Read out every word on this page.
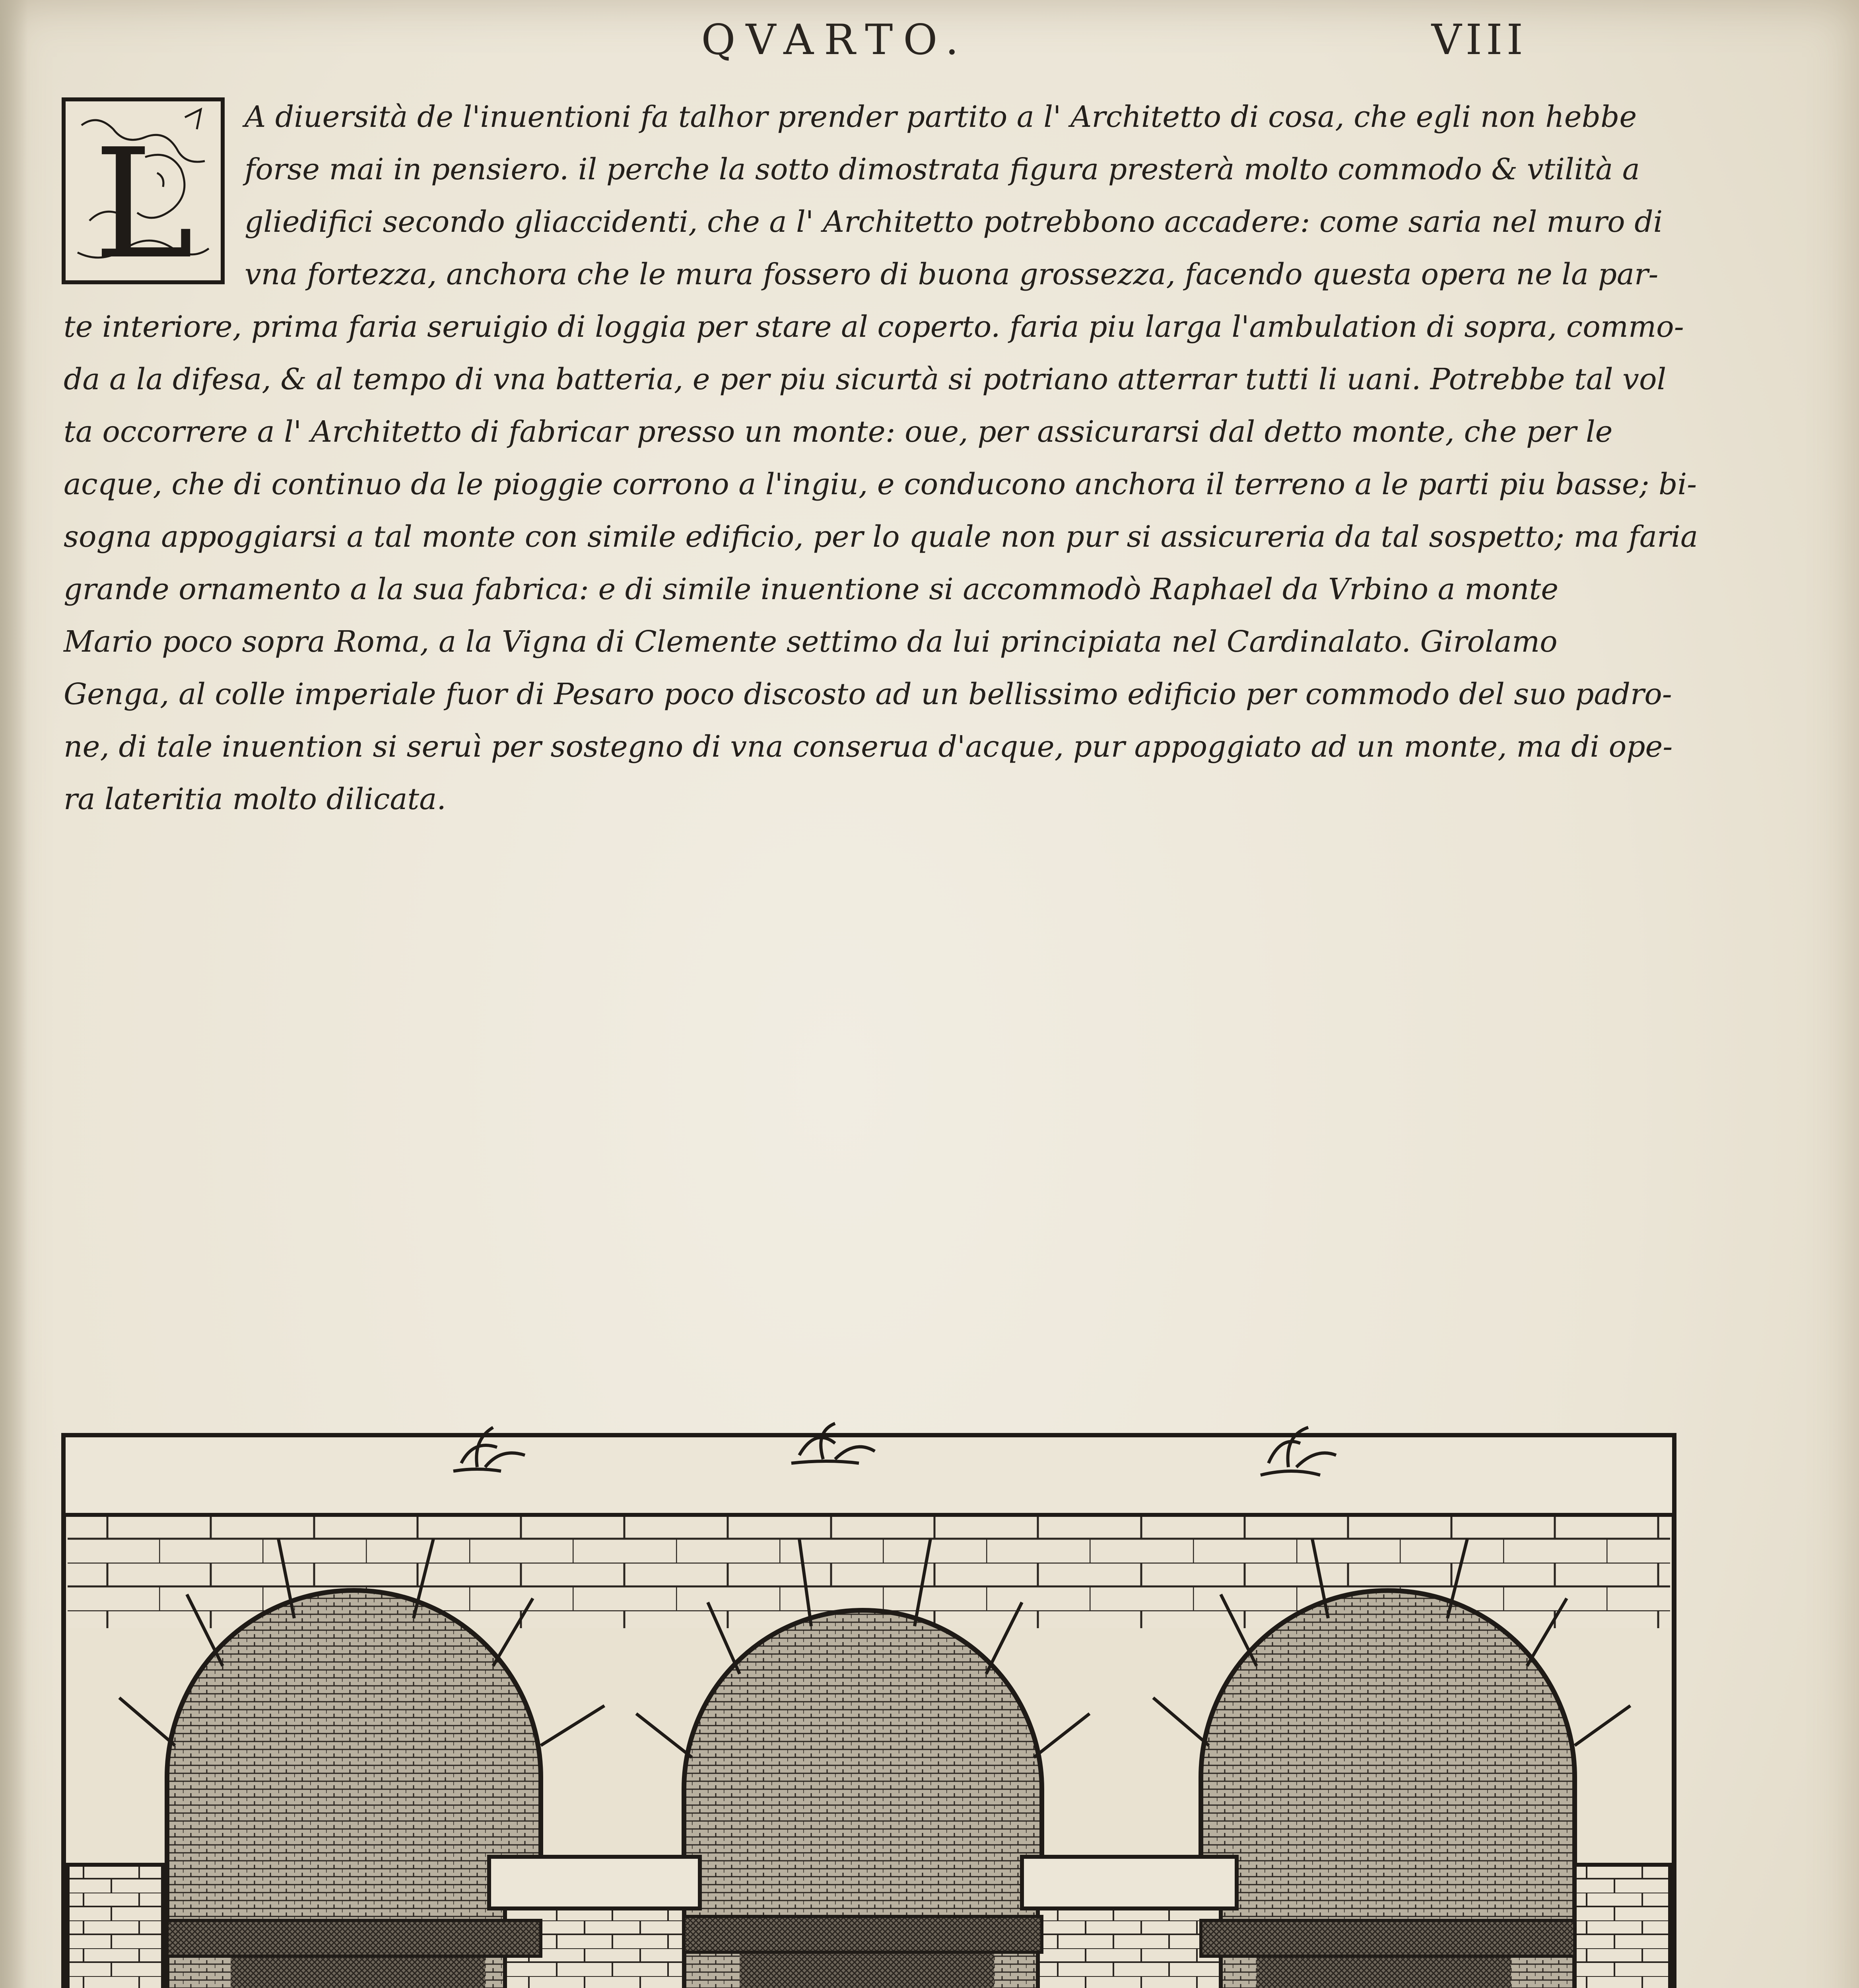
QVARTO.	VIII
L	A diuersità de l'inuentioni fa talhor prender partito a l' Architetto di cosa, che egli non hebbe
forse mai in pensiero. il perche la sotto dimostrata figura presterà molto commodo & vtilità a
gliedifici secondo gliaccidenti, che a l' Architetto potrebbono accadere: come saria nel muro di
vna fortezza, anchora che le mura fossero di buona grossezza, facendo questa opera ne la par-
te interiore, prima faria seruigio di loggia per stare al coperto. faria piu larga l'ambulation di sopra, commo-
da a la difesa, & al tempo di vna batteria, e per piu sicurtà si potriano atterrar tutti li uani. Potrebbe tal vol
ta occorrere a l' Architetto di fabricar presso un monte: oue, per assicurarsi dal detto monte, che per le
acque, che di continuo da le pioggie corrono a l'ingiu, e conducono anchora il terreno a le parti piu basse; bi-
sogna appoggiarsi a tal monte con simile edificio, per lo quale non pur si assicureria da tal sospetto; ma faria
grande ornamento a la sua fabrica: e di simile inuentione si accommodò Raphael da Vrbino a monte
Mario poco sopra Roma, a la Vigna di Clemente settimo da lui principiata nel Cardinalato. Girolamo
Genga, al colle imperiale fuor di Pesaro poco discosto ad un bellissimo edificio per commodo del suo padro-
ne, di tale inuention si seruì per sostegno di vna conserua d'acque, pur appoggiato ad un monte, ma di ope-
ra lateritia molto dilicata.
